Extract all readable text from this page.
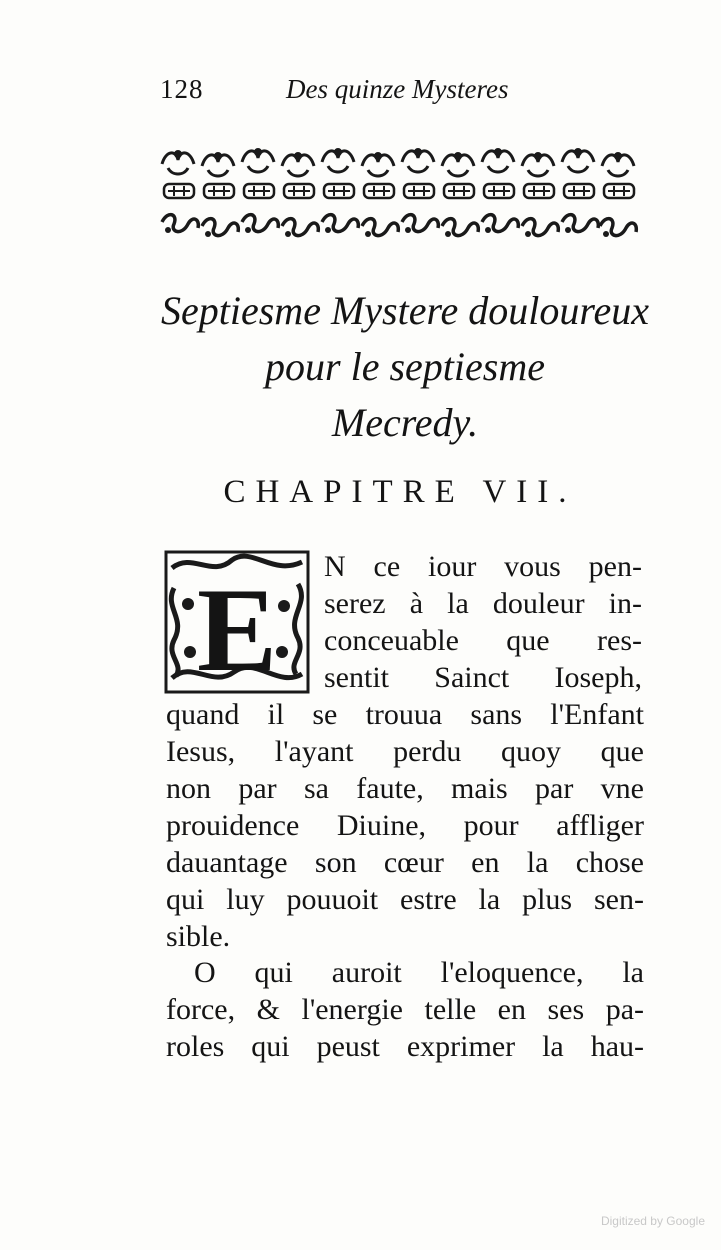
128	Des quinze Mysteres
Septiesme Mystere douloureux
pour le septiesme
Mecredy.
CHAPITRE VII.
E N ce iour vous pen-
serez à la douleur in-
conceuable que res-
sentit Sainct Ioseph,
quand il se trouua sans l'Enfant
Iesus, l'ayant perdu quoy que
non par sa faute, mais par vne
prouidence Diuine, pour affliger
dauantage son cœur en la chose
qui luy pouuoit estre la plus sen-
sible.
O qui auroit l'eloquence, la
force, & l'energie telle en ses pa-
roles qui peust exprimer la hau-
Digitized by Google
